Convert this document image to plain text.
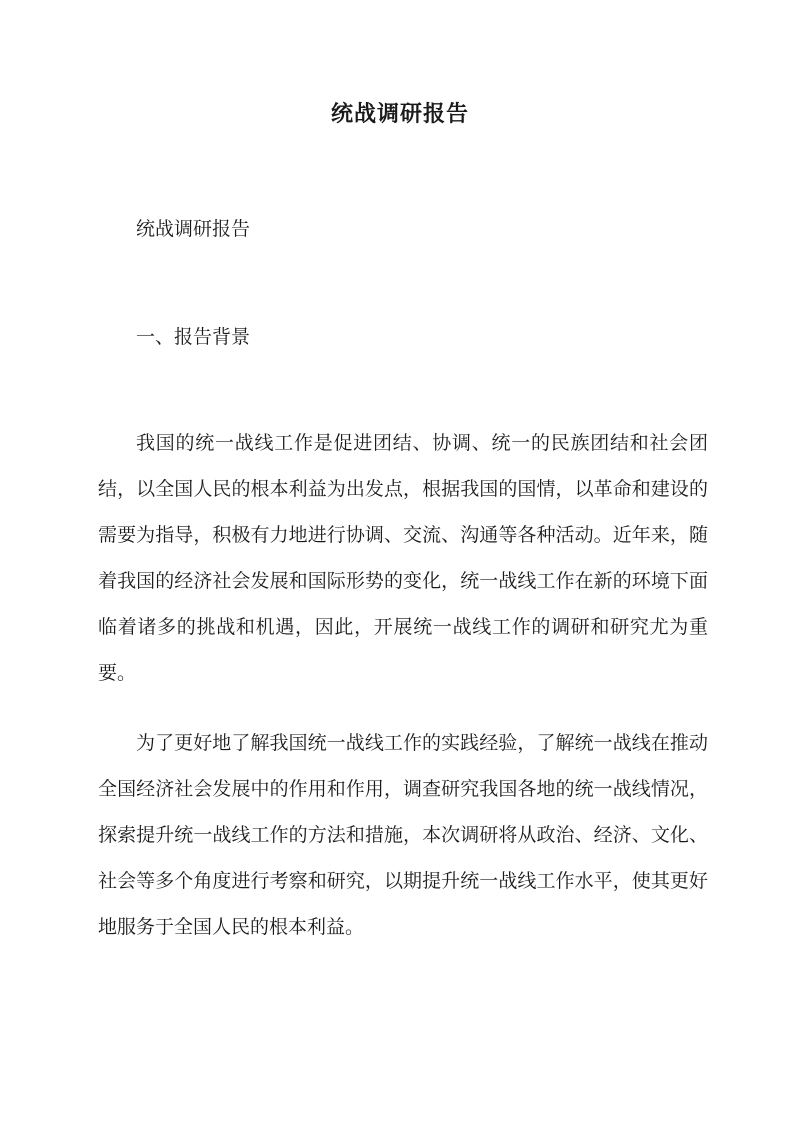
统战调研报告

统战调研报告

一、报告背景

我国的统一战线工作是促进团结、协调、统一的民族团结和社会团结，以全国人民的根本利益为出发点，根据我国的国情，以革命和建设的需要为指导，积极有力地进行协调、交流、沟通等各种活动。近年来，随着我国的经济社会发展和国际形势的变化，统一战线工作在新的环境下面临着诸多的挑战和机遇，因此，开展统一战线工作的调研和研究尤为重要。

为了更好地了解我国统一战线工作的实践经验，了解统一战线在推动全国经济社会发展中的作用和作用，调查研究我国各地的统一战线情况，探索提升统一战线工作的方法和措施，本次调研将从政治、经济、文化、社会等多个角度进行考察和研究，以期提升统一战线工作水平，使其更好地服务于全国人民的根本利益。
